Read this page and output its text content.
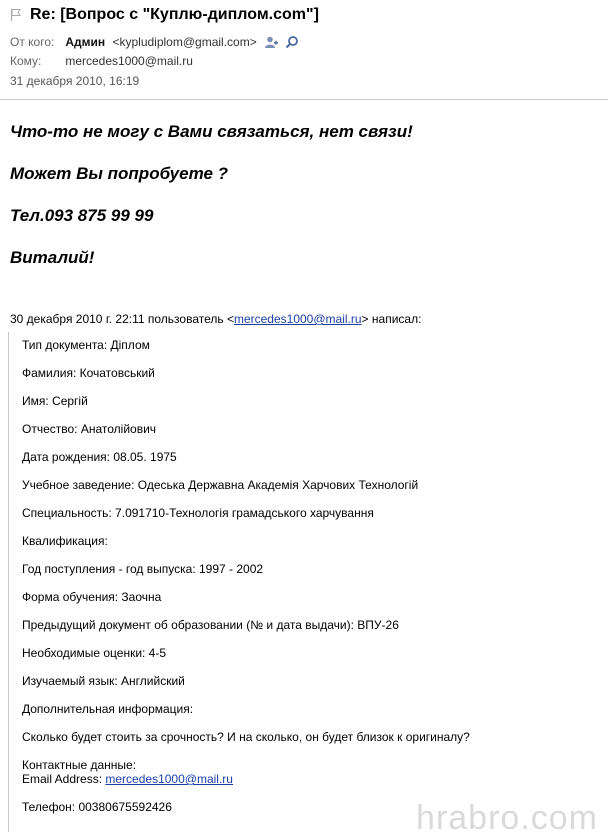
Re: [Вопрос с "Куплю-диплом.com"]
От кого: Админ <kypludiplom@gmail.com>
Кому: mercedes1000@mail.ru
31 декабря 2010, 16:19
Что-то не могу с Вами связаться, нет связи!
Может Вы попробуете ?
Тел.093 875 99 99
Виталий!
30 декабря 2010 г. 22:11 пользователь <mercedes1000@mail.ru> написал:
Тип документа: Діплом
Фамилия: Кочатовський
Имя: Сергій
Отчество: Анатолійович
Дата рождения: 08.05. 1975
Учебное заведение: Одеська Державна Академія Харчових Технологій
Специальность: 7.091710-Технологія грамадського харчування
Квалификация:
Год поступления - год выпуска: 1997 - 2002
Форма обучения: Заочна
Предыдущий документ об образовании (№ и дата выдачи): ВПУ-26
Необходимые оценки: 4-5
Изучаемый язык: Английский
Дополнительная информация:
Сколько будет стоить за срочность? И на сколько, он будет близок к оригиналу?
Контактные данные:
Email Address: mercedes1000@mail.ru
Телефон: 00380675592426	hrabro.com
